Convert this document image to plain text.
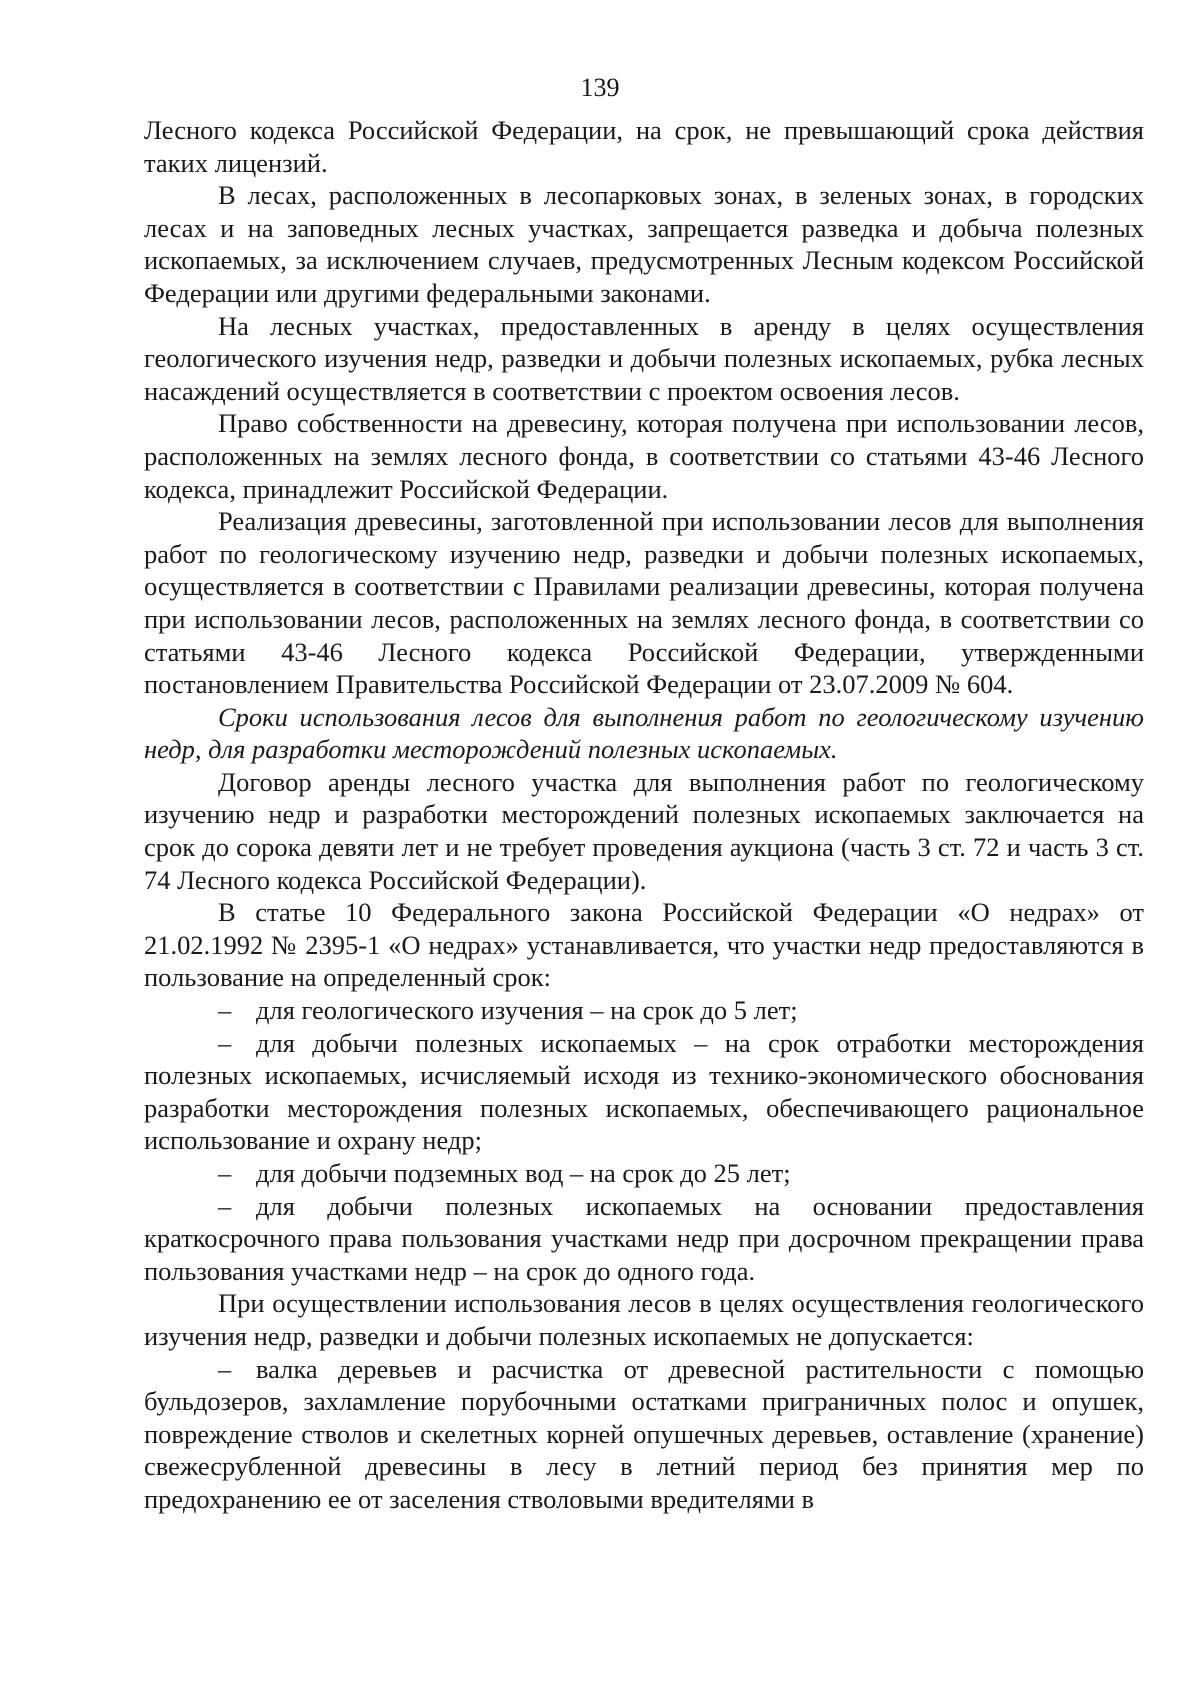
139

Лесного кодекса Российской Федерации, на срок, не превышающий срока действия таких лицензий.

В лесах, расположенных в лесопарковых зонах, в зеленых зонах, в городских лесах и на заповедных лесных участках, запрещается разведка и добыча полезных ископаемых, за исключением случаев, предусмотренных Лесным кодексом Российской Федерации или другими федеральными законами.

На лесных участках, предоставленных в аренду в целях осуществления геологического изучения недр, разведки и добычи полезных ископаемых, рубка лесных насаждений осуществляется в соответствии с проектом освоения лесов.

Право собственности на древесину, которая получена при использовании лесов, расположенных на землях лесного фонда, в соответствии со статьями 43-46 Лесного кодекса, принадлежит Российской Федерации.

Реализация древесины, заготовленной при использовании лесов для выполнения работ по геологическому изучению недр, разведки и добычи полезных ископаемых, осуществляется в соответствии с Правилами реализации древесины, которая получена при использовании лесов, расположенных на землях лесного фонда, в соответствии со статьями 43-46 Лесного кодекса Российской Федерации, утвержденными постановлением Правительства Российской Федерации от 23.07.2009 № 604.

Сроки использования лесов для выполнения работ по геологическому изучению недр, для разработки месторождений полезных ископаемых.

Договор аренды лесного участка для выполнения работ по геологическому изучению недр и разработки месторождений полезных ископаемых заключается на срок до сорока девяти лет и не требует проведения аукциона (часть 3 ст. 72 и часть 3 ст. 74 Лесного кодекса Российской Федерации).

В статье 10 Федерального закона Российской Федерации «О недрах» от 21.02.1992 № 2395-1 «О недрах» устанавливается, что участки недр предоставляются в пользование на определенный срок:

– для геологического изучения – на срок до 5 лет;

– для добычи полезных ископаемых – на срок отработки месторождения полезных ископаемых, исчисляемый исходя из технико-экономического обоснования разработки месторождения полезных ископаемых, обеспечивающего рациональное использование и охрану недр;

– для добычи подземных вод – на срок до 25 лет;

– для добычи полезных ископаемых на основании предоставления краткосрочного права пользования участками недр при досрочном прекращении права пользования участками недр – на срок до одного года.

При осуществлении использования лесов в целях осуществления геологического изучения недр, разведки и добычи полезных ископаемых не допускается:

– валка деревьев и расчистка от древесной растительности с помощью бульдозеров, захламление порубочными остатками приграничных полос и опушек, повреждение стволов и скелетных корней опушечных деревьев, оставление (хранение) свежесрубленной древесины в лесу в летний период без принятия мер по предохранению ее от заселения стволовыми вредителями в
